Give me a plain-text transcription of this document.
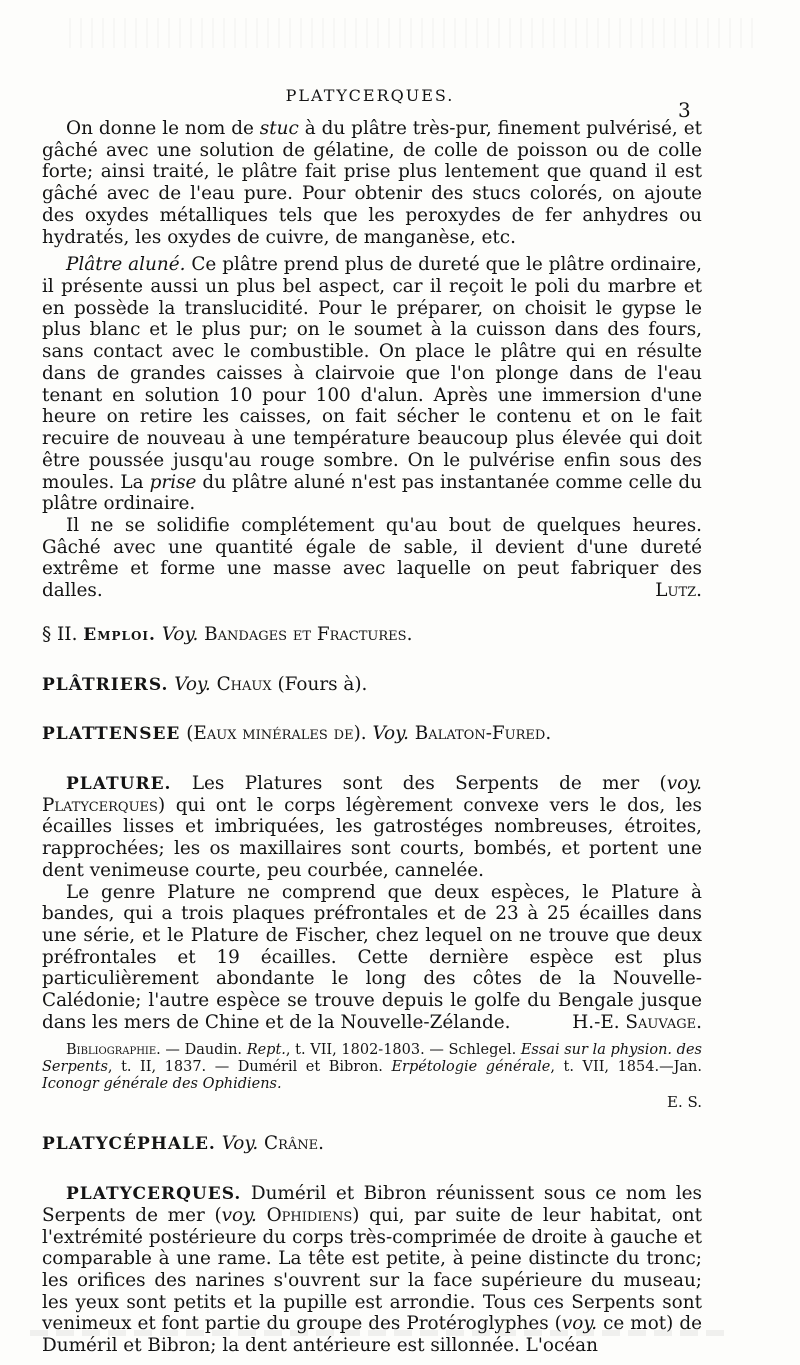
PLATYCERQUES.
3

On donne le nom de stuc à du plâtre très-pur, finement pulvérisé, et gâché avec une solution de gélatine, de colle de poisson ou de colle forte; ainsi traité, le plâtre fait prise plus lentement que quand il est gâché avec de l'eau pure. Pour obtenir des stucs colorés, on ajoute des oxydes métalliques tels que les peroxydes de fer anhydres ou hydratés, les oxydes de cuivre, de manganèse, etc.

Plâtre aluné. Ce plâtre prend plus de dureté que le plâtre ordinaire, il présente aussi un plus bel aspect, car il reçoit le poli du marbre et en possède la translucidité. Pour le préparer, on choisit le gypse le plus blanc et le plus pur; on le soumet à la cuisson dans des fours, sans contact avec le combustible. On place le plâtre qui en résulte dans de grandes caisses à clairvoie que l'on plonge dans de l'eau tenant en solution 10 pour 100 d'alun. Après une immersion d'une heure on retire les caisses, on fait sécher le contenu et on le fait recuire de nouveau à une température beaucoup plus élevée qui doit être poussée jusqu'au rouge sombre. On le pulvérise enfin sous des moules. La prise du plâtre aluné n'est pas instantanée comme celle du plâtre ordinaire.

Il ne se solidifie complétement qu'au bout de quelques heures. Gâché avec une quantité égale de sable, il devient d'une dureté extrême et forme une masse avec laquelle on peut fabriquer des dalles.	Lutz.

§ II. Emploi. Voy. Bandages et Fractures.

PLÂTRIERS. Voy. Chaux (Fours à).

PLATTENSEE (Eaux minérales de). Voy. Balaton-Fured.

PLATURE. Les Platures sont des Serpents de mer (voy. Platycerques) qui ont le corps légèrement convexe vers le dos, les écailles lisses et imbriquées, les gatrostéges nombreuses, étroites, rapprochées; les os maxillaires sont courts, bombés, et portent une dent venimeuse courte, peu courbée, cannelée.

Le genre Plature ne comprend que deux espèces, le Plature à bandes, qui a trois plaques préfrontales et de 23 à 25 écailles dans une série, et le Plature de Fischer, chez lequel on ne trouve que deux préfrontales et 19 écailles. Cette dernière espèce est plus particulièrement abondante le long des côtes de la Nouvelle-Calédonie; l'autre espèce se trouve depuis le golfe du Bengale jusque dans les mers de Chine et de la Nouvelle-Zélande.	H.-E. Sauvage.

Bibliographie. — Daudin. Rept., t. VII, 1802-1803. — Schlegel. Essai sur la physion. des Serpents, t. II, 1837. — Duméril et Bibron. Erpétologie générale, t. VII, 1854.—Jan. Iconogr générale des Ophidiens.

E. S.

PLATYCÉPHALE. Voy. Crâne.

PLATYCERQUES. Duméril et Bibron réunissent sous ce nom les Serpents de mer (voy. Ophidiens) qui, par suite de leur habitat, ont l'extrémité postérieure du corps très-comprimée de droite à gauche et comparable à une rame. La tête est petite, à peine distincte du tronc; les orifices des narines s'ouvrent sur la face supérieure du museau; les yeux sont petits et la pupille est arrondie. Tous ces Serpents sont venimeux et font partie du groupe des Protéroglyphes (voy. ce mot) de Duméril et Bibron; la dent antérieure est sillonnée. L'océan
